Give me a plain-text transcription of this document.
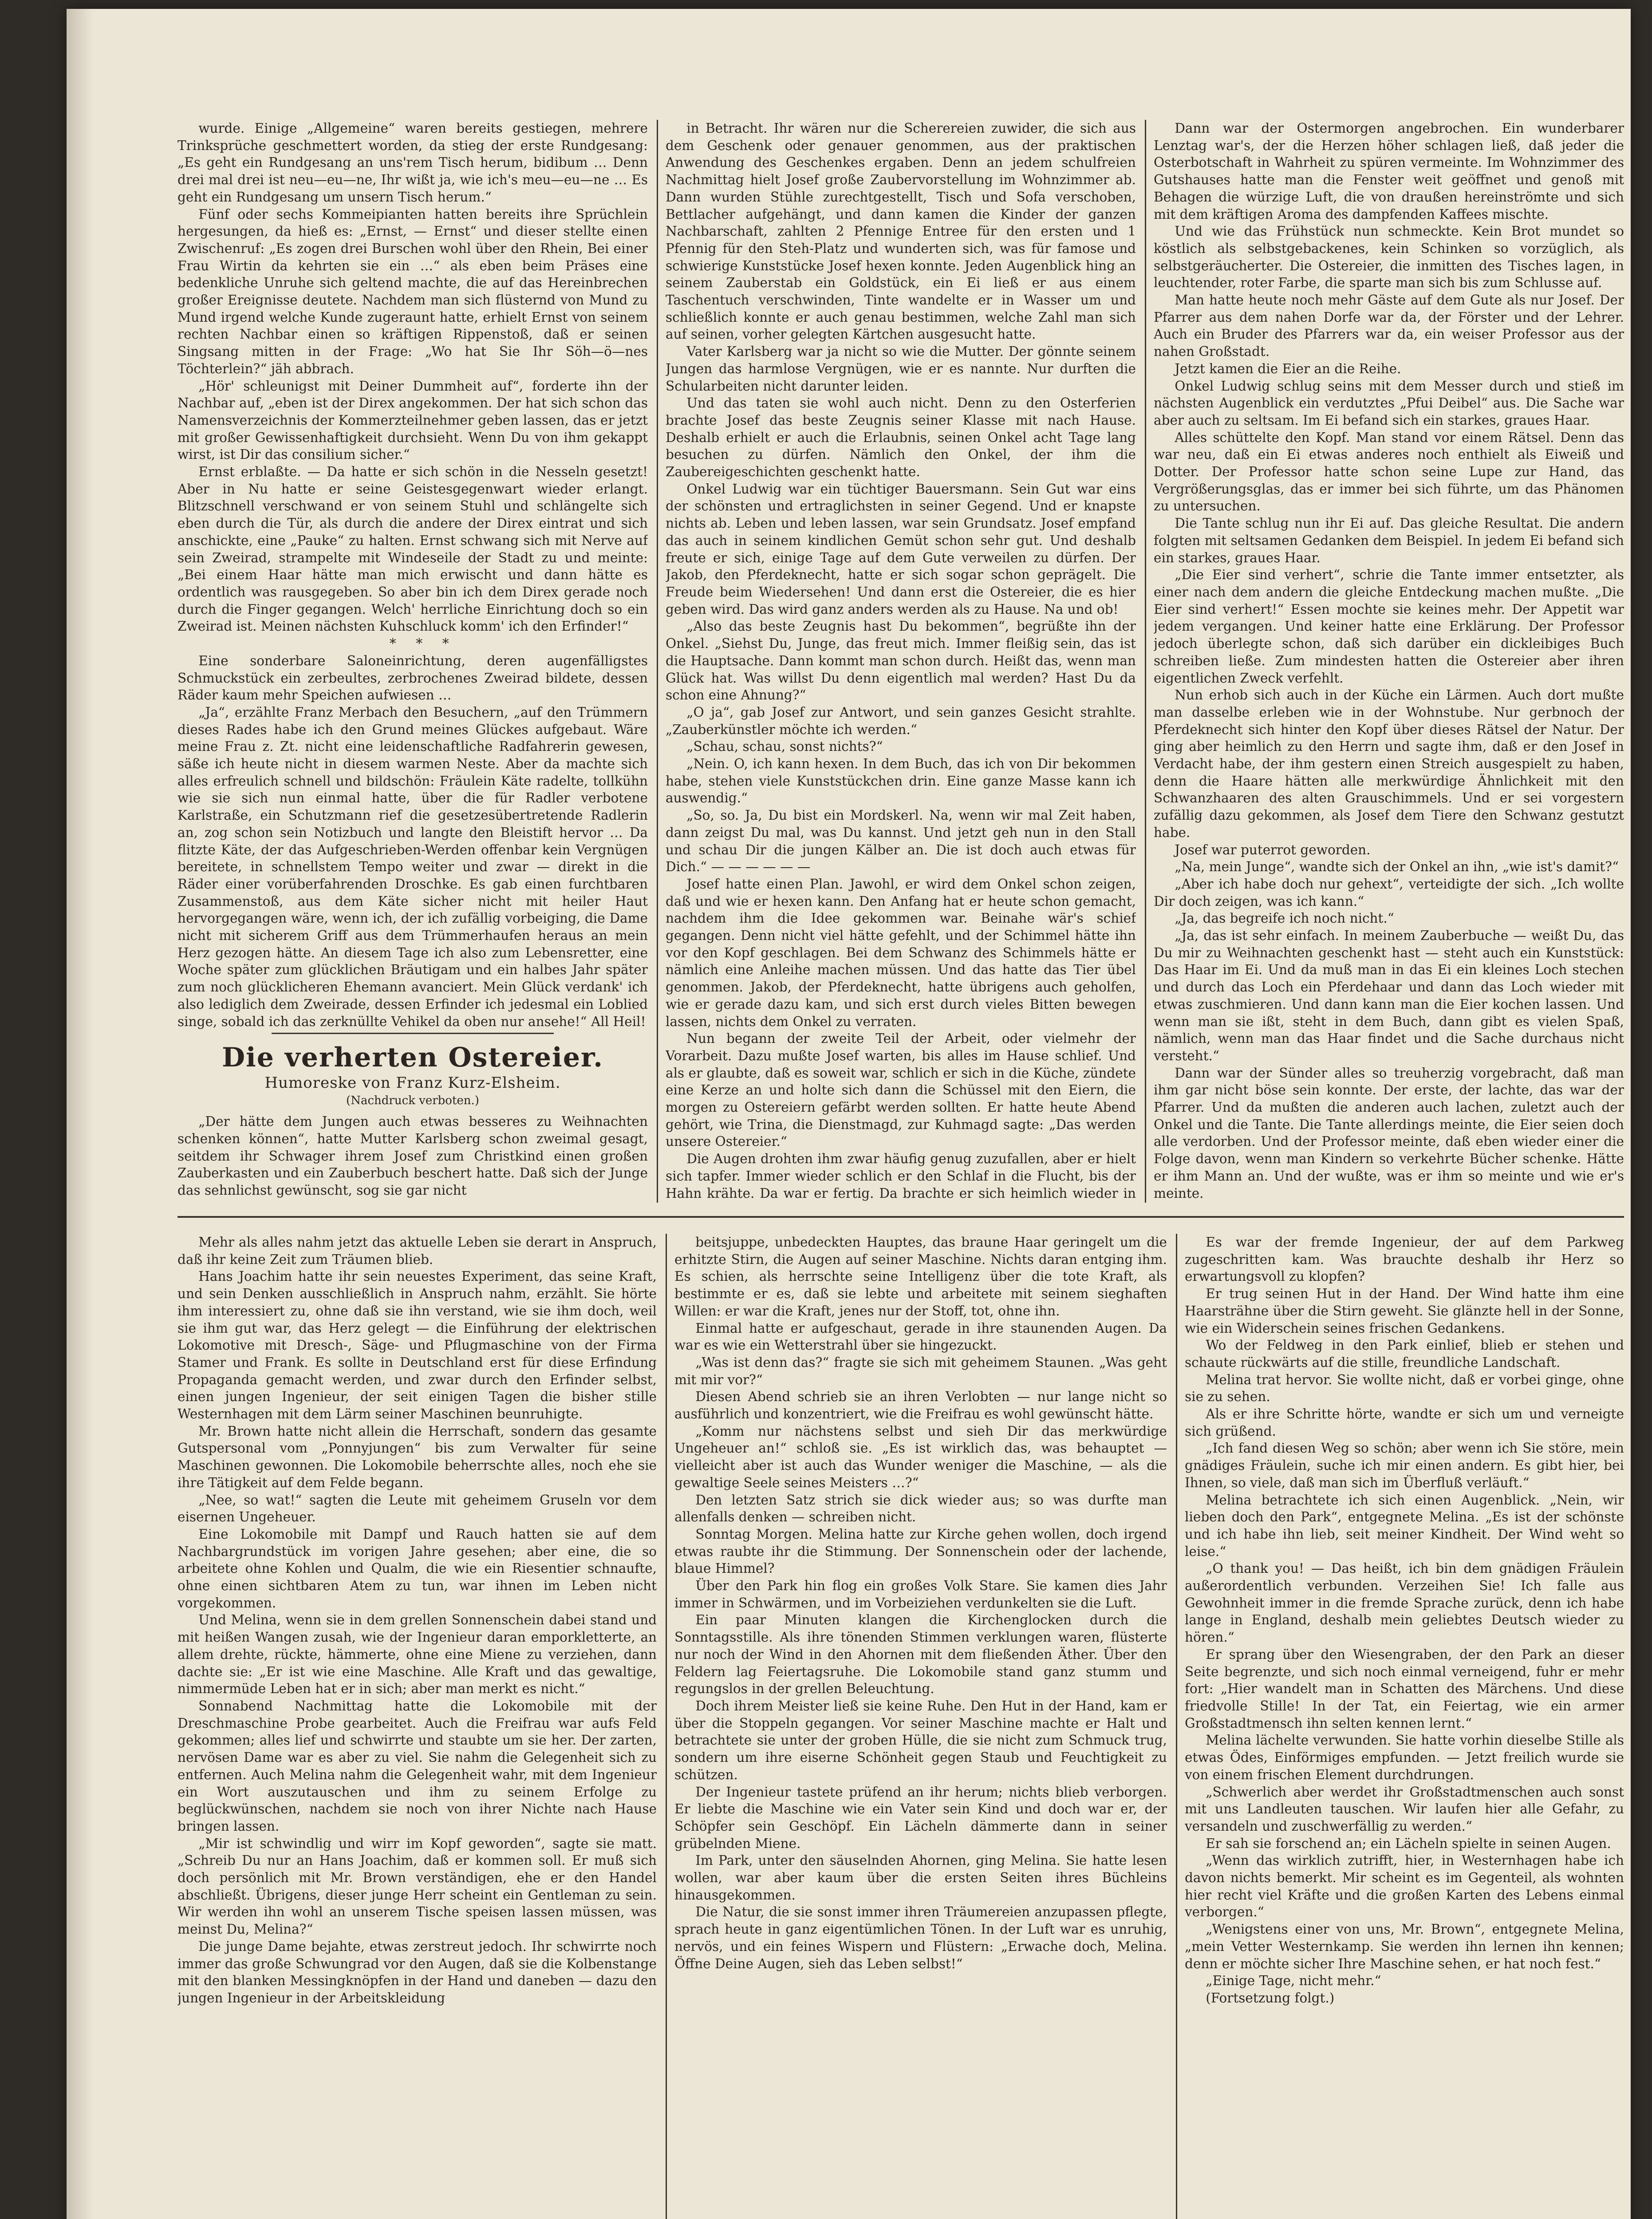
wurde. Einige „Allgemeine“ waren bereits gestiegen, mehrere Trinksprüche geschmettert worden, da stieg der erste Rundgesang: „Es geht ein Rundgesang an uns'rem Tisch herum, bidibum … Denn drei mal drei ist neu—eu—ne, Ihr wißt ja, wie ich's meu—eu—ne … Es geht ein Rundgesang um unsern Tisch herum.“

Fünf oder sechs Kommeipianten hatten bereits ihre Sprüchlein hergesungen, da hieß es: „Ernst, — Ernst“ und dieser stellte einen Zwischenruf: „Es zogen drei Burschen wohl über den Rhein, Bei einer Frau Wirtin da kehrten sie ein …“ als eben beim Präses eine bedenkliche Unruhe sich geltend machte, die auf das Hereinbrechen großer Ereignisse deutete. Nachdem man sich flüsternd von Mund zu Mund irgend welche Kunde zugeraunt hatte, erhielt Ernst von seinem rechten Nachbar einen so kräftigen Rippenstoß, daß er seinen Singsang mitten in der Frage: „Wo hat Sie Ihr Söh—ö—nes Töchterlein?“ jäh abbrach.

„Hör' schleunigst mit Deiner Dummheit auf“, forderte ihn der Nachbar auf, „eben ist der Direx angekommen. Der hat sich schon das Namensverzeichnis der Kommerzteilnehmer geben lassen, das er jetzt mit großer Gewissenhaftigkeit durchsieht. Wenn Du von ihm gekappt wirst, ist Dir das consilium sicher.“

Ernst erblaßte. — Da hatte er sich schön in die Nesseln gesetzt! Aber in Nu hatte er seine Geistesgegenwart wieder erlangt. Blitzschnell verschwand er von seinem Stuhl und schlängelte sich eben durch die Tür, als durch die andere der Direx eintrat und sich anschickte, eine „Pauke“ zu halten. Ernst schwang sich mit Nerve auf sein Zweirad, strampelte mit Windeseile der Stadt zu und meinte: „Bei einem Haar hätte man mich erwischt und dann hätte es ordentlich was rausgegeben. So aber bin ich dem Direx gerade noch durch die Finger gegangen. Welch' herrliche Einrichtung doch so ein Zweirad ist. Meinen nächsten Kuhschluck komm' ich den Erfinder!“

* * *

Eine sonderbare Saloneinrichtung, deren augenfälligstes Schmuckstück ein zerbeultes, zerbrochenes Zweirad bildete, dessen Räder kaum mehr Speichen aufwiesen …

„Ja“, erzählte Franz Merbach den Besuchern, „auf den Trümmern dieses Rades habe ich den Grund meines Glückes aufgebaut. Wäre meine Frau z. Zt. nicht eine leidenschaftliche Radfahrerin gewesen, säße ich heute nicht in diesem warmen Neste. Aber da machte sich alles erfreulich schnell und bildschön: Fräulein Käte radelte, tollkühn wie sie sich nun einmal hatte, über die für Radler verbotene Karlstraße, ein Schutzmann rief die gesetzesübertretende Radlerin an, zog schon sein Notizbuch und langte den Bleistift hervor … Da flitzte Käte, der das Aufgeschrieben-Werden offenbar kein Vergnügen bereitete, in schnellstem Tempo weiter und zwar — direkt in die Räder einer vorüberfahrenden Droschke. Es gab einen furchtbaren Zusammenstoß, aus dem Käte sicher nicht mit heiler Haut hervorgegangen wäre, wenn ich, der ich zufällig vorbeiging, die Dame nicht mit sicherem Griff aus dem Trümmerhaufen heraus an mein Herz gezogen hätte. An diesem Tage ich also zum Lebensretter, eine Woche später zum glücklichen Bräutigam und ein halbes Jahr später zum noch glücklicheren Ehemann avanciert. Mein Glück verdank' ich also lediglich dem Zweirade, dessen Erfinder ich jedesmal ein Loblied singe, sobald ich das zerknüllte Vehikel da oben nur ansehe!“ All Heil!

Die verherten Ostereier.
Humoreske von Franz Kurz-Elsheim.
(Nachdruck verboten.)

„Der hätte dem Jungen auch etwas besseres zu Weihnachten schenken können“, hatte Mutter Karlsberg schon zweimal gesagt, seitdem ihr Schwager ihrem Josef zum Christkind einen großen Zauberkasten und ein Zauberbuch beschert hatte. Daß sich der Junge das sehnlichst gewünscht, sog sie gar nicht

in Betracht. Ihr wären nur die Scherereien zuwider, die sich aus dem Geschenk oder genauer genommen, aus der praktischen Anwendung des Geschenkes ergaben. Denn an jedem schulfreien Nachmittag hielt Josef große Zaubervorstellung im Wohnzimmer ab. Dann wurden Stühle zurechtgestellt, Tisch und Sofa verschoben, Bettlacher aufgehängt, und dann kamen die Kinder der ganzen Nachbarschaft, zahlten 2 Pfennige Entree für den ersten und 1 Pfennig für den Steh-Platz und wunderten sich, was für famose und schwierige Kunststücke Josef hexen konnte. Jeden Augenblick hing an seinem Zauberstab ein Goldstück, ein Ei ließ er aus einem Taschentuch verschwinden, Tinte wandelte er in Wasser um und schließlich konnte er auch genau bestimmen, welche Zahl man sich auf seinen, vorher gelegten Kärtchen ausgesucht hatte.

Vater Karlsberg war ja nicht so wie die Mutter. Der gönnte seinem Jungen das harmlose Vergnügen, wie er es nannte. Nur durften die Schularbeiten nicht darunter leiden.

Und das taten sie wohl auch nicht. Denn zu den Osterferien brachte Josef das beste Zeugnis seiner Klasse mit nach Hause. Deshalb erhielt er auch die Erlaubnis, seinen Onkel acht Tage lang besuchen zu dürfen. Nämlich den Onkel, der ihm die Zaubereigeschichten geschenkt hatte.

Onkel Ludwig war ein tüchtiger Bauersmann. Sein Gut war eins der schönsten und ertraglichsten in seiner Gegend. Und er knapste nichts ab. Leben und leben lassen, war sein Grundsatz. Josef empfand das auch in seinem kindlichen Gemüt schon sehr gut. Und deshalb freute er sich, einige Tage auf dem Gute verweilen zu dürfen. Der Jakob, den Pferdeknecht, hatte er sich sogar schon geprägelt. Die Freude beim Wiedersehen! Und dann erst die Ostereier, die es hier geben wird. Das wird ganz anders werden als zu Hause. Na und ob!

„Also das beste Zeugnis hast Du bekommen“, begrüßte ihn der Onkel. „Siehst Du, Junge, das freut mich. Immer fleißig sein, das ist die Hauptsache. Dann kommt man schon durch. Heißt das, wenn man Glück hat. Was willst Du denn eigentlich mal werden? Hast Du da schon eine Ahnung?“

„O ja“, gab Josef zur Antwort, und sein ganzes Gesicht strahlte. „Zauberkünstler möchte ich werden.“

„Schau, schau, sonst nichts?“

„Nein. O, ich kann hexen. In dem Buch, das ich von Dir bekommen habe, stehen viele Kunststückchen drin. Eine ganze Masse kann ich auswendig.“

„So, so. Ja, Du bist ein Mordskerl. Na, wenn wir mal Zeit haben, dann zeigst Du mal, was Du kannst. Und jetzt geh nun in den Stall und schau Dir die jungen Kälber an. Die ist doch auch etwas für Dich.“ — — — — — —

Josef hatte einen Plan. Jawohl, er wird dem Onkel schon zeigen, daß und wie er hexen kann. Den Anfang hat er heute schon gemacht, nachdem ihm die Idee gekommen war. Beinahe wär's schief gegangen. Denn nicht viel hätte gefehlt, und der Schimmel hätte ihn vor den Kopf geschlagen. Bei dem Schwanz des Schimmels hätte er nämlich eine Anleihe machen müssen. Und das hatte das Tier übel genommen. Jakob, der Pferdeknecht, hatte übrigens auch geholfen, wie er gerade dazu kam, und sich erst durch vieles Bitten bewegen lassen, nichts dem Onkel zu verraten.

Nun begann der zweite Teil der Arbeit, oder vielmehr der Vorarbeit. Dazu mußte Josef warten, bis alles im Hause schlief. Und als er glaubte, daß es soweit war, schlich er sich in die Küche, zündete eine Kerze an und holte sich dann die Schüssel mit den Eiern, die morgen zu Ostereiern gefärbt werden sollten. Er hatte heute Abend gehört, wie Trina, die Dienstmagd, zur Kuhmagd sagte: „Das werden unsere Ostereier.“

Die Augen drohten ihm zwar häufig genug zuzufallen, aber er hielt sich tapfer. Immer wieder schlich er den Schlaf in die Flucht, bis der Hahn krähte. Da war er fertig. Da brachte er sich heimlich wieder in

Dann war der Ostermorgen angebrochen. Ein wunderbarer Lenztag war's, der die Herzen höher schlagen ließ, daß jeder die Osterbotschaft in Wahrheit zu spüren vermeinte. Im Wohnzimmer des Gutshauses hatte man die Fenster weit geöffnet und genoß mit Behagen die würzige Luft, die von draußen hereinströmte und sich mit dem kräftigen Aroma des dampfenden Kaffees mischte.

Und wie das Frühstück nun schmeckte. Kein Brot mundet so köstlich als selbstgebackenes, kein Schinken so vorzüglich, als selbstgeräucherter. Die Ostereier, die inmitten des Tisches lagen, in leuchtender, roter Farbe, die sparte man sich bis zum Schlusse auf.

Man hatte heute noch mehr Gäste auf dem Gute als nur Josef. Der Pfarrer aus dem nahen Dorfe war da, der Förster und der Lehrer. Auch ein Bruder des Pfarrers war da, ein weiser Professor aus der nahen Großstadt.

Jetzt kamen die Eier an die Reihe.

Onkel Ludwig schlug seins mit dem Messer durch und stieß im nächsten Augenblick ein verdutztes „Pfui Deibel“ aus. Die Sache war aber auch zu seltsam. Im Ei befand sich ein starkes, graues Haar.

Alles schüttelte den Kopf. Man stand vor einem Rätsel. Denn das war neu, daß ein Ei etwas anderes noch enthielt als Eiweiß und Dotter. Der Professor hatte schon seine Lupe zur Hand, das Vergrößerungsglas, das er immer bei sich führte, um das Phänomen zu untersuchen.

Die Tante schlug nun ihr Ei auf. Das gleiche Resultat. Die andern folgten mit seltsamen Gedanken dem Beispiel. In jedem Ei befand sich ein starkes, graues Haar.

„Die Eier sind verhert“, schrie die Tante immer entsetzter, als einer nach dem andern die gleiche Entdeckung machen mußte. „Die Eier sind verhert!“ Essen mochte sie keines mehr. Der Appetit war jedem vergangen. Und keiner hatte eine Erklärung. Der Professor jedoch überlegte schon, daß sich darüber ein dickleibiges Buch schreiben ließe. Zum mindesten hatten die Ostereier aber ihren eigentlichen Zweck verfehlt.

Nun erhob sich auch in der Küche ein Lärmen. Auch dort mußte man dasselbe erleben wie in der Wohnstube. Nur gerbnoch der Pferdeknecht sich hinter den Kopf über dieses Rätsel der Natur. Der ging aber heimlich zu den Herrn und sagte ihm, daß er den Josef in Verdacht habe, der ihm gestern einen Streich ausgespielt zu haben, denn die Haare hätten alle merkwürdige Ähnlichkeit mit den Schwanzhaaren des alten Grauschimmels. Und er sei vorgestern zufällig dazu gekommen, als Josef dem Tiere den Schwanz gestutzt habe.

Josef war puterrot geworden.

„Na, mein Junge“, wandte sich der Onkel an ihn, „wie ist's damit?“

„Aber ich habe doch nur gehext“, verteidigte der sich. „Ich wollte Dir doch zeigen, was ich kann.“

„Ja, das begreife ich noch nicht.“

„Ja, das ist sehr einfach. In meinem Zauberbuche — weißt Du, das Du mir zu Weihnachten geschenkt hast — steht auch ein Kunststück: Das Haar im Ei. Und da muß man in das Ei ein kleines Loch stechen und durch das Loch ein Pferdehaar und dann das Loch wieder mit etwas zuschmieren. Und dann kann man die Eier kochen lassen. Und wenn man sie ißt, steht in dem Buch, dann gibt es vielen Spaß, nämlich, wenn man das Haar findet und die Sache durchaus nicht versteht.“

Dann war der Sünder alles so treuherzig vorgebracht, daß man ihm gar nicht böse sein konnte. Der erste, der lachte, das war der Pfarrer. Und da mußten die anderen auch lachen, zuletzt auch der Onkel und die Tante. Die Tante allerdings meinte, die Eier seien doch alle verdorben. Und der Professor meinte, daß eben wieder einer die Folge davon, wenn man Kindern so verkehrte Bücher schenke. Hätte er ihm Mann an. Und der wußte, was er ihm so meinte und wie er's meinte.

Mehr als alles nahm jetzt das aktuelle Leben sie derart in Anspruch, daß ihr keine Zeit zum Träumen blieb.

Hans Joachim hatte ihr sein neuestes Experiment, das seine Kraft, und sein Denken ausschließlich in Anspruch nahm, erzählt. Sie hörte ihm interessiert zu, ohne daß sie ihn verstand, wie sie ihm doch, weil sie ihm gut war, das Herz gelegt — die Einführung der elektrischen Lokomotive mit Dresch-, Säge- und Pflugmaschine von der Firma Stamer und Frank. Es sollte in Deutschland erst für diese Erfindung Propaganda gemacht werden, und zwar durch den Erfinder selbst, einen jungen Ingenieur, der seit einigen Tagen die bisher stille Westernhagen mit dem Lärm seiner Maschinen beunruhigte.

Mr. Brown hatte nicht allein die Herrschaft, sondern das gesamte Gutspersonal vom „Ponnyjungen“ bis zum Verwalter für seine Maschinen gewonnen. Die Lokomobile beherrschte alles, noch ehe sie ihre Tätigkeit auf dem Felde begann.

„Nee, so wat!“ sagten die Leute mit geheimem Gruseln vor dem eisernen Ungeheuer.

Eine Lokomobile mit Dampf und Rauch hatten sie auf dem Nachbargrundstück im vorigen Jahre gesehen; aber eine, die so arbeitete ohne Kohlen und Qualm, die wie ein Riesentier schnaufte, ohne einen sichtbaren Atem zu tun, war ihnen im Leben nicht vorgekommen.

Und Melina, wenn sie in dem grellen Sonnenschein dabei stand und mit heißen Wangen zusah, wie der Ingenieur daran emporkletterte, an allem drehte, rückte, hämmerte, ohne eine Miene zu verziehen, dann dachte sie: „Er ist wie eine Maschine. Alle Kraft und das gewaltige, nimmermüde Leben hat er in sich; aber man merkt es nicht.“

Sonnabend Nachmittag hatte die Lokomobile mit der Dreschmaschine Probe gearbeitet. Auch die Freifrau war aufs Feld gekommen; alles lief und schwirrte und staubte um sie her. Der zarten, nervösen Dame war es aber zu viel. Sie nahm die Gelegenheit sich zu entfernen. Auch Melina nahm die Gelegenheit wahr, mit dem Ingenieur ein Wort auszutauschen und ihm zu seinem Erfolge zu beglückwünschen, nachdem sie noch von ihrer Nichte nach Hause bringen lassen.

„Mir ist schwindlig und wirr im Kopf geworden“, sagte sie matt. „Schreib Du nur an Hans Joachim, daß er kommen soll. Er muß sich doch persönlich mit Mr. Brown verständigen, ehe er den Handel abschließt. Übrigens, dieser junge Herr scheint ein Gentleman zu sein. Wir werden ihn wohl an unserem Tische speisen lassen müssen, was meinst Du, Melina?“

Die junge Dame bejahte, etwas zerstreut jedoch. Ihr schwirrte noch immer das große Schwungrad vor den Augen, daß sie die Kolbenstange mit den blanken Messingknöpfen in der Hand und daneben — dazu den jungen Ingenieur in der Arbeitskleidung

beitsjuppe, unbedeckten Hauptes, das braune Haar geringelt um die erhitzte Stirn, die Augen auf seiner Maschine. Nichts daran entging ihm. Es schien, als herrschte seine Intelligenz über die tote Kraft, als bestimmte er es, daß sie lebte und arbeitete mit seinem sieghaften Willen: er war die Kraft, jenes nur der Stoff, tot, ohne ihn.

Einmal hatte er aufgeschaut, gerade in ihre staunenden Augen. Da war es wie ein Wetterstrahl über sie hingezuckt.

„Was ist denn das?“ fragte sie sich mit geheimem Staunen. „Was geht mit mir vor?“

Diesen Abend schrieb sie an ihren Verlobten — nur lange nicht so ausführlich und konzentriert, wie die Freifrau es wohl gewünscht hätte.

„Komm nur nächstens selbst und sieh Dir das merkwürdige Ungeheuer an!“ schloß sie. „Es ist wirklich das, was behauptet — vielleicht aber ist auch das Wunder weniger die Maschine, — als die gewaltige Seele seines Meisters …?“

Den letzten Satz strich sie dick wieder aus; so was durfte man allenfalls denken — schreiben nicht.

Sonntag Morgen. Melina hatte zur Kirche gehen wollen, doch irgend etwas raubte ihr die Stimmung. Der Sonnenschein oder der lachende, blaue Himmel?

Über den Park hin flog ein großes Volk Stare. Sie kamen dies Jahr immer in Schwärmen, und im Vorbeiziehen verdunkelten sie die Luft.

Ein paar Minuten klangen die Kirchenglocken durch die Sonntagsstille. Als ihre tönenden Stimmen verklungen waren, flüsterte nur noch der Wind in den Ahornen mit dem fließenden Äther. Über den Feldern lag Feiertagsruhe. Die Lokomobile stand ganz stumm und regungslos in der grellen Beleuchtung.

Doch ihrem Meister ließ sie keine Ruhe. Den Hut in der Hand, kam er über die Stoppeln gegangen. Vor seiner Maschine machte er Halt und betrachtete sie unter der groben Hülle, die sie nicht zum Schmuck trug, sondern um ihre eiserne Schönheit gegen Staub und Feuchtigkeit zu schützen.

Der Ingenieur tastete prüfend an ihr herum; nichts blieb verborgen. Er liebte die Maschine wie ein Vater sein Kind und doch war er, der Schöpfer sein Geschöpf. Ein Lächeln dämmerte dann in seiner grübelnden Miene.

Im Park, unter den säuselnden Ahornen, ging Melina. Sie hatte lesen wollen, war aber kaum über die ersten Seiten ihres Büchleins hinausgekommen.

Die Natur, die sie sonst immer ihren Träumereien anzupassen pflegte, sprach heute in ganz eigentümlichen Tönen. In der Luft war es unruhig, nervös, und ein feines Wispern und Flüstern: „Erwache doch, Melina. Öffne Deine Augen, sieh das Leben selbst!“

Es war der fremde Ingenieur, der auf dem Parkweg zugeschritten kam. Was brauchte deshalb ihr Herz so erwartungsvoll zu klopfen?

Er trug seinen Hut in der Hand. Der Wind hatte ihm eine Haarsträhne über die Stirn geweht. Sie glänzte hell in der Sonne, wie ein Widerschein seines frischen Gedankens.

Wo der Feldweg in den Park einlief, blieb er stehen und schaute rückwärts auf die stille, freundliche Landschaft.

Melina trat hervor. Sie wollte nicht, daß er vorbei ginge, ohne sie zu sehen.

Als er ihre Schritte hörte, wandte er sich um und verneigte sich grüßend.

„Ich fand diesen Weg so schön; aber wenn ich Sie störe, mein gnädiges Fräulein, suche ich mir einen andern. Es gibt hier, bei Ihnen, so viele, daß man sich im Überfluß verläuft.“

Melina betrachtete ich sich einen Augenblick. „Nein, wir lieben doch den Park“, entgegnete Melina. „Es ist der schönste und ich habe ihn lieb, seit meiner Kindheit. Der Wind weht so leise.“

„O thank you! — Das heißt, ich bin dem gnädigen Fräulein außerordentlich verbunden. Verzeihen Sie! Ich falle aus Gewohnheit immer in die fremde Sprache zurück, denn ich habe lange in England, deshalb mein geliebtes Deutsch wieder zu hören.“

Er sprang über den Wiesengraben, der den Park an dieser Seite begrenzte, und sich noch einmal verneigend, fuhr er mehr fort: „Hier wandelt man in Schatten des Märchens. Und diese friedvolle Stille! In der Tat, ein Feiertag, wie ein armer Großstadtmensch ihn selten kennen lernt.“

Melina lächelte verwunden. Sie hatte vorhin dieselbe Stille als etwas Ödes, Einförmiges empfunden. — Jetzt freilich wurde sie von einem frischen Element durchdrungen.

„Schwerlich aber werdet ihr Großstadtmenschen auch sonst mit uns Landleuten tauschen. Wir laufen hier alle Gefahr, zu versandeln und zuschwerfällig zu werden.“

Er sah sie forschend an; ein Lächeln spielte in seinen Augen.

„Wenn das wirklich zutrifft, hier, in Westernhagen habe ich davon nichts bemerkt. Mir scheint es im Gegenteil, als wohnten hier recht viel Kräfte und die großen Karten des Lebens einmal verborgen.“

„Wenigstens einer von uns, Mr. Brown“, entgegnete Melina, „mein Vetter Westernkamp. Sie werden ihn lernen ihn kennen; denn er möchte sicher Ihre Maschine sehen, er hat noch fest.“

„Einige Tage, nicht mehr.“

(Fortsetzung folgt.)
